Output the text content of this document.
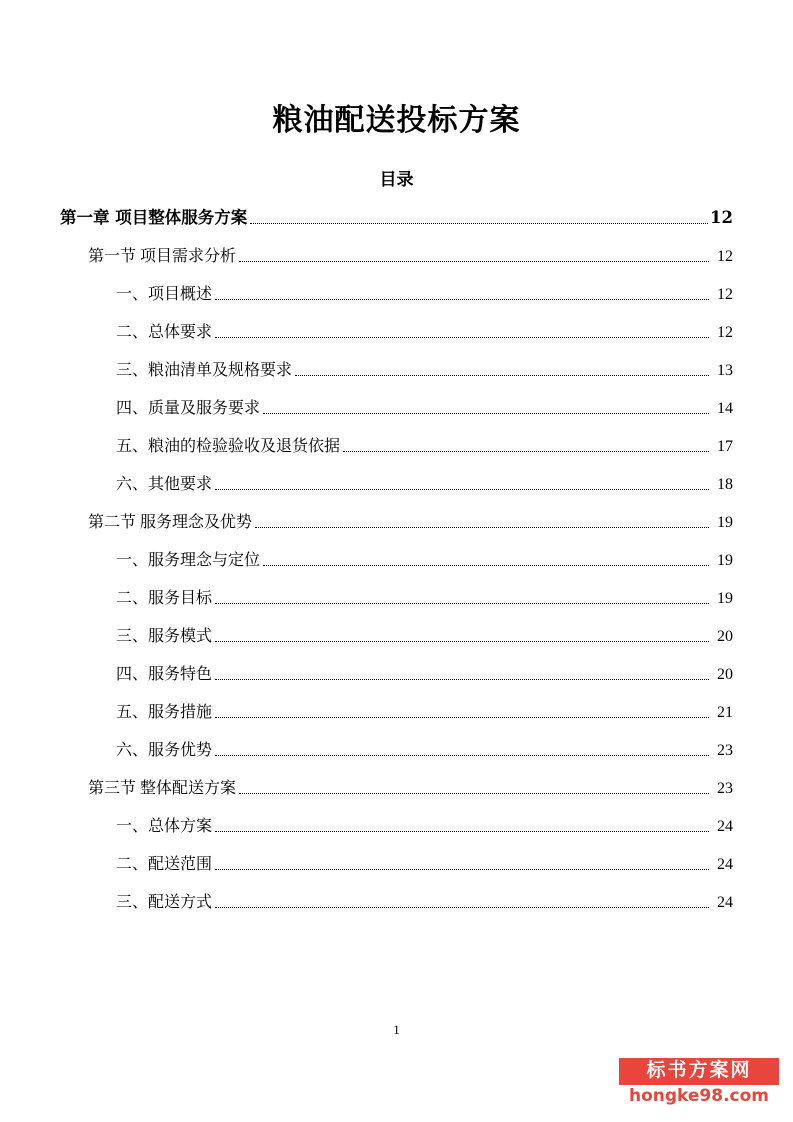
粮油配送投标方案
目录
第一章 项目整体服务方案	12
第一节 项目需求分析	12
一、项目概述	12
二、总体要求	12
三、粮油清单及规格要求	13
四、质量及服务要求	14
五、粮油的检验验收及退货依据	17
六、其他要求	18
第二节 服务理念及优势	19
一、服务理念与定位	19
二、服务目标	19
三、服务模式	20
四、服务特色	20
五、服务措施	21
六、服务优势	23
第三节 整体配送方案	23
一、总体方案	24
二、配送范围	24
三、配送方式	24
1
标书方案网
hongke98.com
